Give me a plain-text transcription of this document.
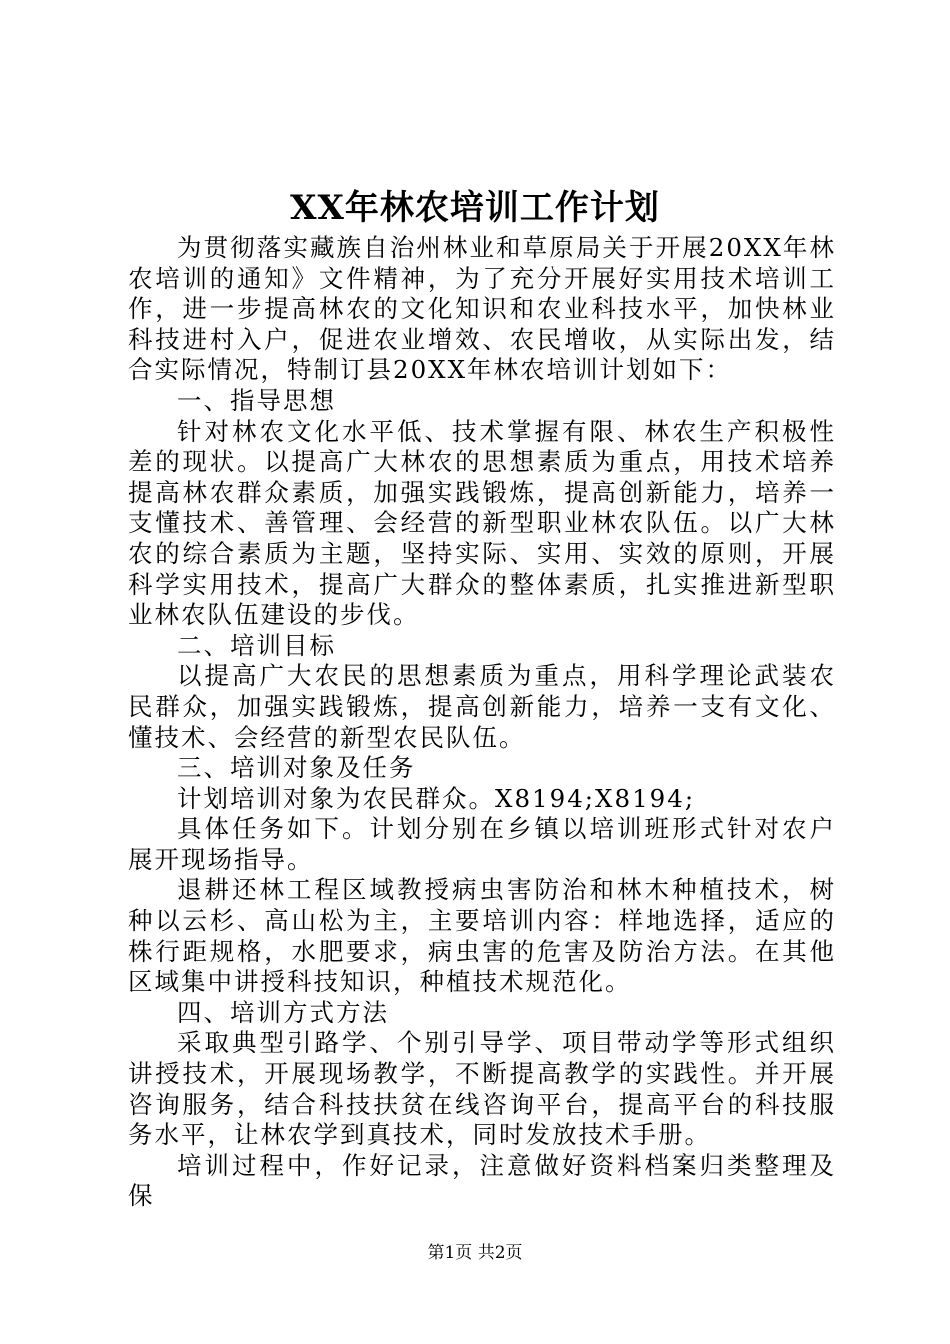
XX年林农培训工作计划

为贯彻落实藏族自治州林业和草原局关于开展20XX年林农培训的通知》文件精神，为了充分开展好实用技术培训工作，进一步提高林农的文化知识和农业科技水平，加快林业科技进村入户，促进农业增效、农民增收，从实际出发，结合实际情况，特制订县20XX年林农培训计划如下：

一、指导思想

针对林农文化水平低、技术掌握有限、林农生产积极性差的现状。以提高广大林农的思想素质为重点，用技术培养提高林农群众素质，加强实践锻炼，提高创新能力，培养一支懂技术、善管理、会经营的新型职业林农队伍。以广大林农的综合素质为主题，坚持实际、实用、实效的原则，开展科学实用技术，提高广大群众的整体素质，扎实推进新型职业林农队伍建设的步伐。

二、培训目标

以提高广大农民的思想素质为重点，用科学理论武装农民群众，加强实践锻炼，提高创新能力，培养一支有文化、懂技术、会经营的新型农民队伍。

三、培训对象及任务

计划培训对象为农民群众。X8194;X8194;

具体任务如下。计划分别在乡镇以培训班形式针对农户展开现场指导。

退耕还林工程区域教授病虫害防治和林木种植技术，树种以云杉、高山松为主，主要培训内容：样地选择，适应的株行距规格，水肥要求，病虫害的危害及防治方法。在其他区域集中讲授科技知识，种植技术规范化。

四、培训方式方法

采取典型引路学、个别引导学、项目带动学等形式组织讲授技术，开展现场教学，不断提高教学的实践性。并开展咨询服务，结合科技扶贫在线咨询平台，提高平台的科技服务水平，让林农学到真技术，同时发放技术手册。

培训过程中，作好记录，注意做好资料档案归类整理及保

第1页 共2页
